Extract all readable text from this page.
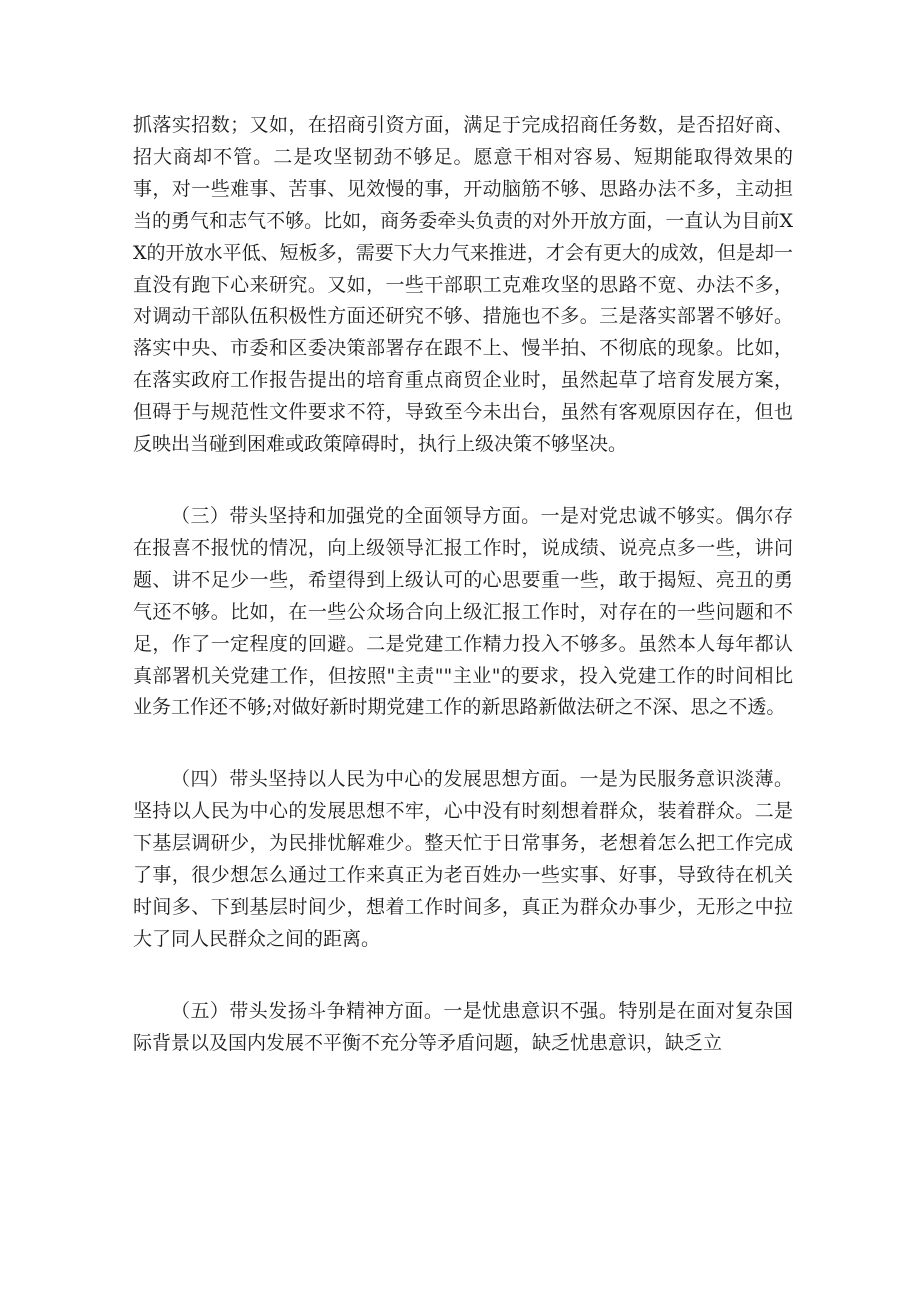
抓落实招数；又如，在招商引资方面，满足于完成招商任务数，是否招好商、招大商却不管。二是攻坚韧劲不够足。愿意干相对容易、短期能取得效果的事，对一些难事、苦事、见效慢的事，开动脑筋不够、思路办法不多，主动担当的勇气和志气不够。比如，商务委牵头负责的对外开放方面，一直认为目前XX的开放水平低、短板多，需要下大力气来推进，才会有更大的成效，但是却一直没有跑下心来研究。又如，一些干部职工克难攻坚的思路不宽、办法不多，对调动干部队伍积极性方面还研究不够、措施也不多。三是落实部署不够好。落实中央、市委和区委决策部署存在跟不上、慢半拍、不彻底的现象。比如，在落实政府工作报告提出的培育重点商贸企业时，虽然起草了培育发展方案，但碍于与规范性文件要求不符，导致至今未出台，虽然有客观原因存在，但也反映出当碰到困难或政策障碍时，执行上级决策不够坚决。

（三）带头坚持和加强党的全面领导方面。一是对党忠诚不够实。偶尔存在报喜不报忧的情况，向上级领导汇报工作时，说成绩、说亮点多一些，讲问题、讲不足少一些，希望得到上级认可的心思要重一些，敢于揭短、亮丑的勇气还不够。比如，在一些公众场合向上级汇报工作时，对存在的一些问题和不足，作了一定程度的回避。二是党建工作精力投入不够多。虽然本人每年都认真部署机关党建工作，但按照"主责""主业"的要求，投入党建工作的时间相比业务工作还不够;对做好新时期党建工作的新思路新做法研之不深、思之不透。

（四）带头坚持以人民为中心的发展思想方面。一是为民服务意识淡薄。坚持以人民为中心的发展思想不牢，心中没有时刻想着群众，装着群众。二是下基层调研少，为民排忧解难少。整天忙于日常事务，老想着怎么把工作完成了事，很少想怎么通过工作来真正为老百姓办一些实事、好事，导致待在机关时间多、下到基层时间少，想着工作时间多，真正为群众办事少，无形之中拉大了同人民群众之间的距离。

（五）带头发扬斗争精神方面。一是忧患意识不强。特别是在面对复杂国际背景以及国内发展不平衡不充分等矛盾问题，缺乏忧患意识，缺乏立
